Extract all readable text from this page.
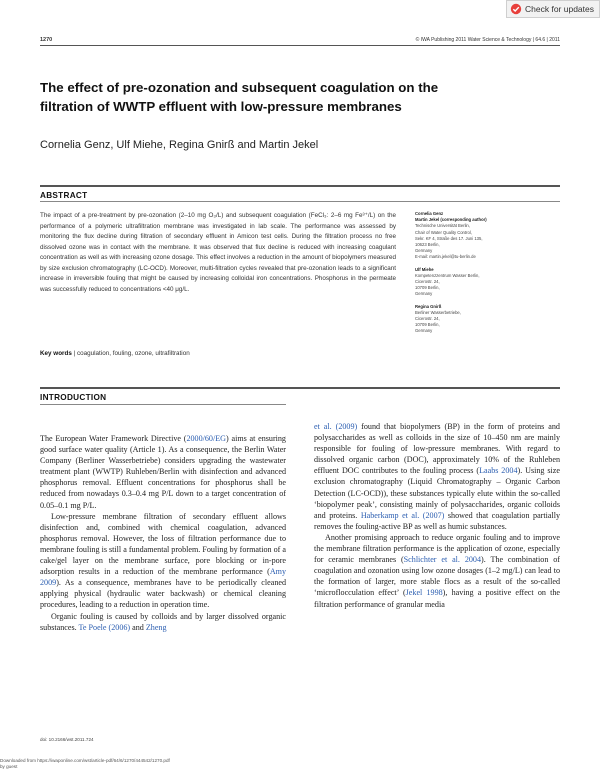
Check for updates
1270	© IWA Publishing 2011 Water Science & Technology | 64.6 | 2011
The effect of pre-ozonation and subsequent coagulation on the filtration of WWTP effluent with low-pressure membranes
Cornelia Genz, Ulf Miehe, Regina Gnirß and Martin Jekel
ABSTRACT

The impact of a pre-treatment by pre-ozonation (2–10 mg O₃/L) and subsequent coagulation (FeCl₃: 2–6 mg Fe³⁺/L) on the performance of a polymeric ultrafiltration membrane was investigated in lab scale. The performance was assessed by monitoring the flux decline during filtration of secondary effluent in Amicon test cells. During the filtration process no free dissolved ozone was in contact with the membrane. It was observed that flux decline is reduced with increasing coagulant concentration as well as with increasing ozone dosage. This effect involves a reduction in the amount of biopolymers measured by size exclusion chromatography (LC-OCD). Moreover, multi-filtration cycles revealed that pre-ozonation leads to a significant increase in irreversible fouling that might be caused by increasing colloidal iron concentrations. Phosphorus in the permeate was successfully reduced to concentrations <40 μg/L.

Key words | coagulation, fouling, ozone, ultrafiltration
Cornelia Genz
Martin Jekel (corresponding author)
Technische Universität Berlin,
Chair of Water Quality Control,
Sekr. KF 4, Straße des 17. Juni 135,
10623 Berlin,
Germany
E-mail: martin.jekel@tu-berlin.de
Ulf Miehe
Kompetenzzentrum Wasser Berlin,
Cicerostr. 24,
10709 Berlin,
Germany
Regina Gnirß
Berliner Wasserbetriebe,
Cicerostr. 24,
10709 Berlin,
Germany
INTRODUCTION

The European Water Framework Directive (2000/60/EG) aims at ensuring good surface water quality (Article 1). As a consequence, the Berlin Water Company (Berliner Wasserbetriebe) considers upgrading the wastewater treatment plant (WWTP) Ruhleben/Berlin with disinfection and advanced phosphorus removal. Effluent concentrations for phosphorus shall be reduced from nowadays 0.3–0.4 mg P/L down to a target concentration of 0.05–0.1 mg P/L.

Low-pressure membrane filtration of secondary effluent allows disinfection and, combined with chemical coagulation, advanced phosphorus removal. However, the loss of filtration performance due to membrane fouling is still a fundamental problem. Fouling by formation of a cake/gel layer on the membrane surface, pore blocking or in-pore adsorption results in a reduction of the membrane performance (Amy 2009). As a consequence, membranes have to be periodically cleaned applying physical (hydraulic water backwash) or chemical cleaning procedures, leading to a reduction in operation time.

Organic fouling is caused by colloids and by larger dissolved organic substances. Te Poele (2006) and Zheng

et al. (2009) found that biopolymers (BP) in the form of proteins and polysaccharides as well as colloids in the size of 10–450 nm are mainly responsible for fouling of low-pressure membranes. With regard to dissolved organic carbon (DOC), approximately 10% of the Ruhleben effluent DOC contributes to the fouling process (Laabs 2004). Using size exclusion chromatography (Liquid Chromatography – Organic Carbon Detection (LC-OCD)), these substances typically elute within the so-called ‘biopolymer peak’, consisting mainly of polysaccharides, organic colloids and proteins. Haberkamp et al. (2007) showed that coagulation partially removes the fouling-active BP as well as humic substances.

Another promising approach to reduce organic fouling and to improve the membrane filtration performance is the application of ozone, especially for ceramic membranes (Schlichter et al. 2004). The combination of coagulation and ozonation using low ozone dosages (1–2 mg/L) can lead to the formation of larger, more stable flocs as a result of the so-called ‘microflocculation effect’ (Jekel 1998), having a positive effect on the filtration performance of granular media

doi: 10.2166/wst.2011.724
Downloaded from https://iwaponline.com/wst/article-pdf/64/6/1270/444542/1270.pdf
by guest
